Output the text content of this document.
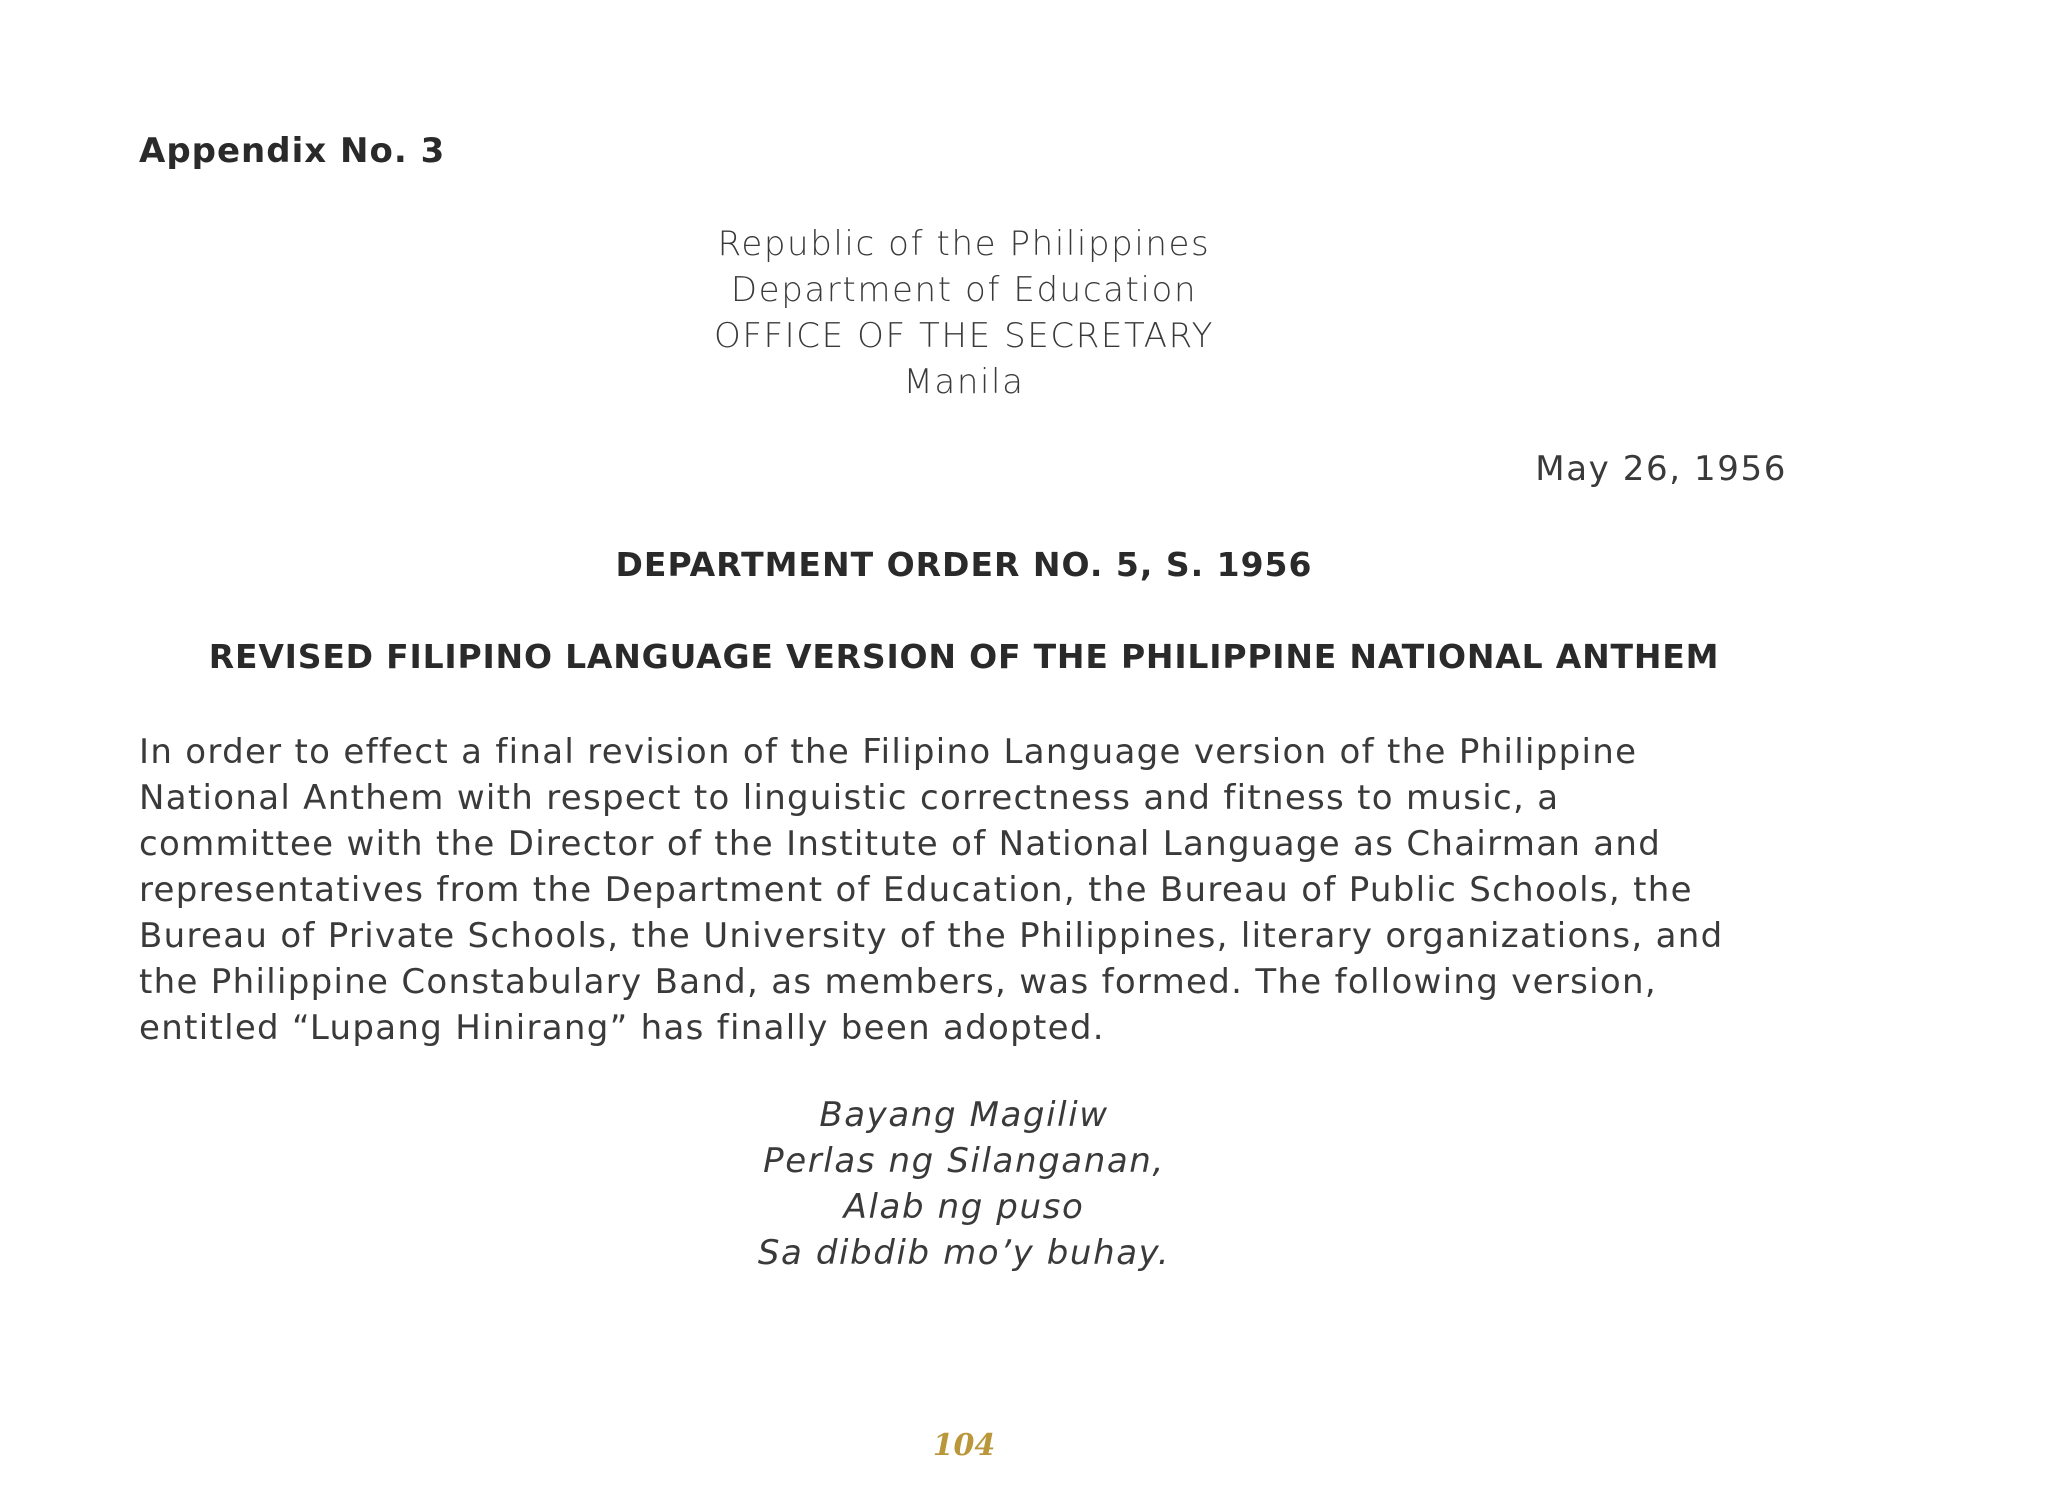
Appendix No. 3
Republic of the Philippines
Department of Education
OFFICE OF THE SECRETARY
Manila
May 26, 1956
DEPARTMENT ORDER NO. 5, S. 1956
REVISED FILIPINO LANGUAGE VERSION OF THE PHILIPPINE NATIONAL ANTHEM
In order to effect a final revision of the Filipino Language version of the Philippine
National Anthem with respect to linguistic correctness and fitness to music, a
committee with the Director of the Institute of National Language as Chairman and
representatives from the Department of Education, the Bureau of Public Schools, the
Bureau of Private Schools, the University of the Philippines, literary organizations, and
the Philippine Constabulary Band, as members, was formed. The following version,
entitled “Lupang Hinirang” has finally been adopted.
Bayang Magiliw
Perlas ng Silanganan,
Alab ng puso
Sa dibdib mo’y buhay.
104
